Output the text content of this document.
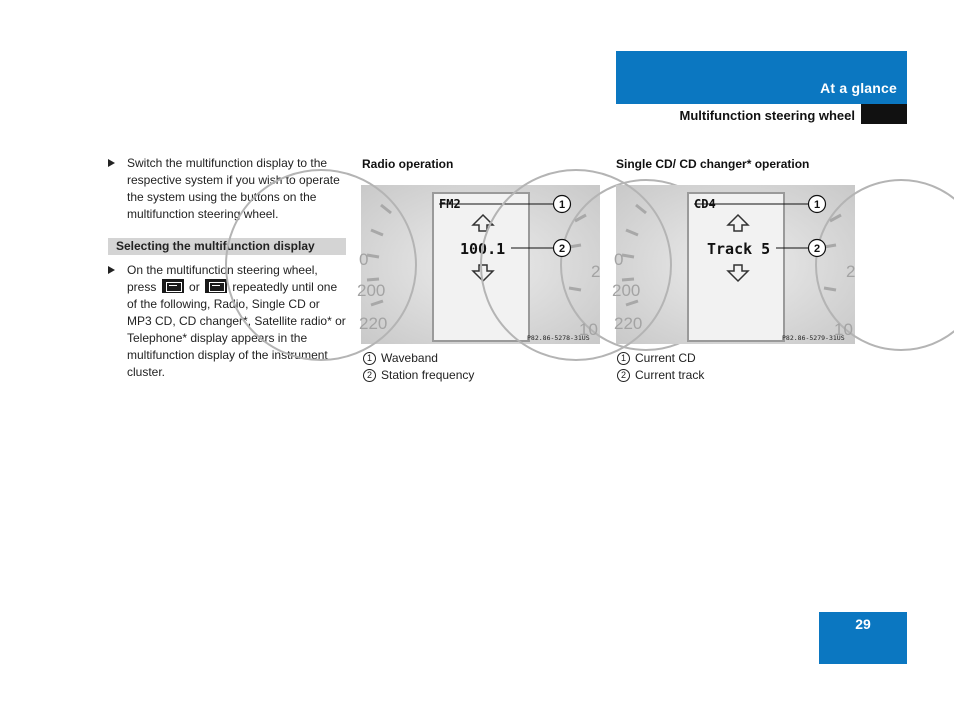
At a glance
Multifunction steering wheel
Switch the multifunction display to the respective system if you wish to operate the system using the buttons on the multifunction steering wheel.
Selecting the multifunction display
On the multifunction steering wheel, press	or	repeatedly until one of the following, Radio, Single CD or MP3 CD, CD changer*, Satellite radio* or Telephone* display appears in the multifunction display of the instrument cluster.
Radio operation
0
200
220
2
10
FM2
100.1
1
2
P82.86-5278-31US
1 Waveband
2 Station frequency
Single CD/ CD changer* operation
0
200
220
2
10
CD4
Track 5
1
2
P82.86-5279-31US
1 Current CD
2 Current track
29
